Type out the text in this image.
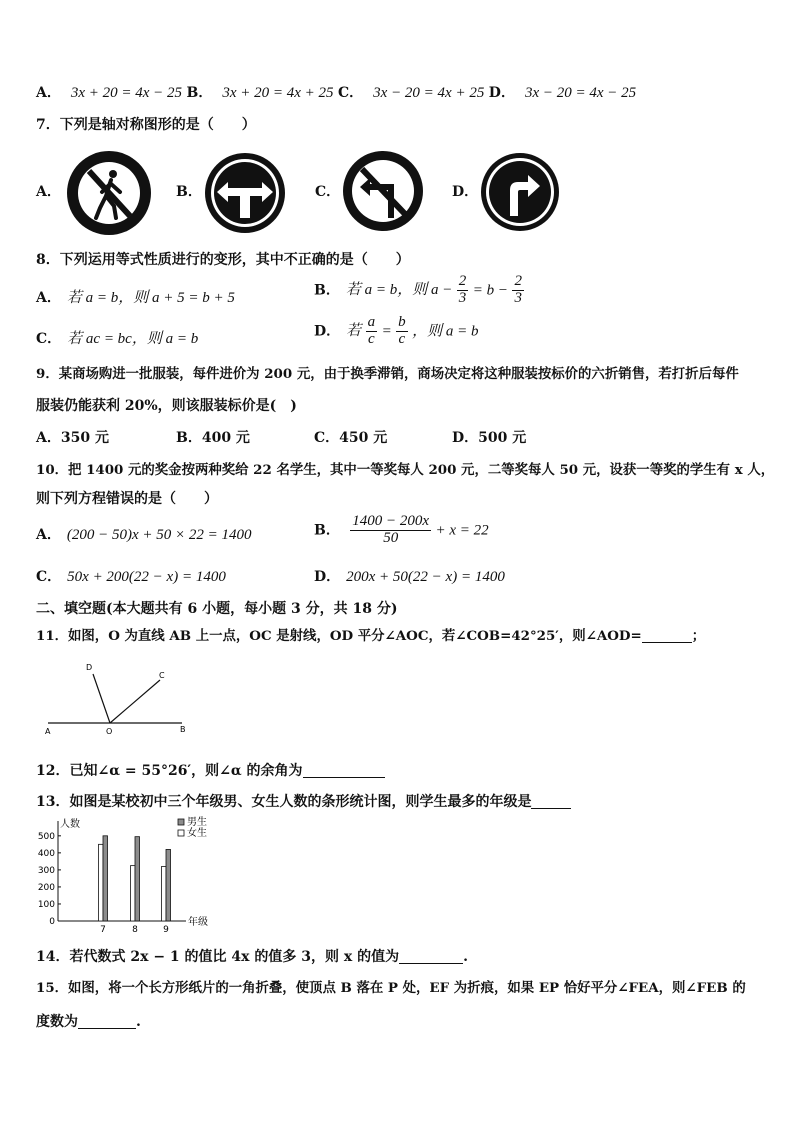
A． 3x + 20 = 4x − 25 B． 3x + 20 = 4x + 25 C． 3x − 20 = 4x + 25 D． 3x − 20 = 4x − 25
7．下列是轴对称图形的是（　　）
A．	B．	C．	D．
8．下列运用等式性质进行的变形，其中不正确的是（　　）
A． 若 a = b，则 a + 5 = b + 5	B． 若 a = b，则 $a - \frac{2}{3} = b - \frac{2}{3}$
C． 若 ac = bc，则 a = b	D． 若 $\frac{a}{c} = \frac{b}{c}$ ，则 a = b
9．某商场购进一批服装，每件进价为 200 元，由于换季滞销，商场决定将这种服装按标价的六折销售，若打折后每件
服装仍能获利 20%，则该服装标价是(　)
A．350 元	B．400 元	C．450 元	D．500 元
10．把 1400 元的奖金按两种奖给 22 名学生，其中一等奖每人 200 元，二等奖每人 50 元，设获一等奖的学生有 x 人，
则下列方程错误的是（　　）
A． (200 − 50)x + 50 × 22 = 1400	B． $\frac{1400 - 200x}{50} + x = 22$
C． 50x + 200(22 − x) = 1400	D． 200x + 50(22 − x) = 1400
二、填空题(本大题共有 6 小题，每小题 3 分，共 18 分)
11．如图，O 为直线 AB 上一点，OC 是射线，OD 平分∠AOC，若∠COB=42°25′，则∠AOD=	；
A	B
O
C
D
12．已知∠α = 55°26′，则∠α 的余角为
13．如图是某校初中三个年级男、女生人数的条形统计图，则学生最多的年级是
0
100
200
300
400
500
人数
年级
7	8	9
男生
女生
14．若代数式 2x − 1 的值比 4x 的值多 3，则 x 的值为	.
15．如图，将一个长方形纸片的一角折叠，使顶点 B 落在 P 处，EF 为折痕，如果 EP 恰好平分∠FEA，则∠FEB 的
度数为	.
